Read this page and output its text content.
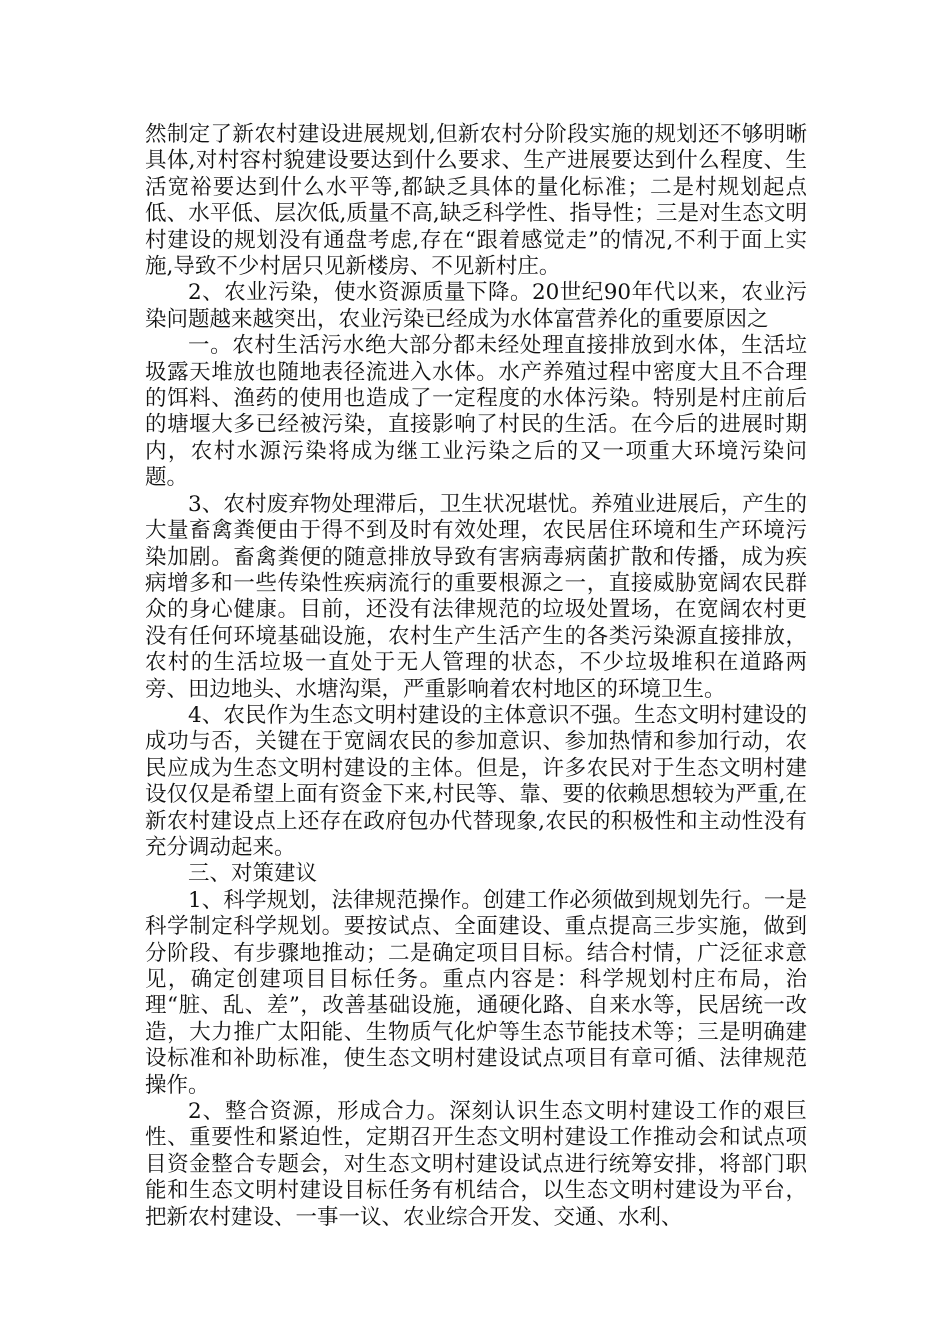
然制定了新农村建设进展规划,但新农村分阶段实施的规划还不够明晰具体,对村容村貌建设要达到什么要求、生产进展要达到什么程度、生活宽裕要达到什么水平等,都缺乏具体的量化标准；二是村规划起点低、水平低、层次低,质量不高,缺乏科学性、指导性；三是对生态文明村建设的规划没有通盘考虑,存在“跟着感觉走”的情况,不利于面上实施,导致不少村居只见新楼房、不见新村庄。

2、农业污染，使水资源质量下降。20世纪90年代以来，农业污染问题越来越突出，农业污染已经成为水体富营养化的重要原因之

一。农村生活污水绝大部分都未经处理直接排放到水体，生活垃圾露天堆放也随地表径流进入水体。水产养殖过程中密度大且不合理的饵料、渔药的使用也造成了一定程度的水体污染。特别是村庄前后的塘堰大多已经被污染，直接影响了村民的生活。在今后的进展时期内，农村水源污染将成为继工业污染之后的又一项重大环境污染问题。

3、农村废弃物处理滞后，卫生状况堪忧。养殖业进展后，产生的大量畜禽粪便由于得不到及时有效处理，农民居住环境和生产环境污染加剧。畜禽粪便的随意排放导致有害病毒病菌扩散和传播，成为疾病增多和一些传染性疾病流行的重要根源之一，直接威胁宽阔农民群众的身心健康。目前，还没有法律规范的垃圾处置场，在宽阔农村更没有任何环境基础设施，农村生产生活产生的各类污染源直接排放，农村的生活垃圾一直处于无人管理的状态，不少垃圾堆积在道路两旁、田边地头、水塘沟渠，严重影响着农村地区的环境卫生。

4、农民作为生态文明村建设的主体意识不强。生态文明村建设的成功与否，关键在于宽阔农民的参加意识、参加热情和参加行动，农民应成为生态文明村建设的主体。但是，许多农民对于生态文明村建设仅仅是希望上面有资金下来,村民等、靠、要的依赖思想较为严重,在新农村建设点上还存在政府包办代替现象,农民的积极性和主动性没有充分调动起来。

三、对策建议

1、科学规划，法律规范操作。创建工作必须做到规划先行。一是科学制定科学规划。要按试点、全面建设、重点提高三步实施，做到分阶段、有步骤地推动；二是确定项目目标。结合村情，广泛征求意见，确定创建项目目标任务。重点内容是：科学规划村庄布局，治理“脏、乱、差”，改善基础设施，通硬化路、自来水等，民居统一改造，大力推广太阳能、生物质气化炉等生态节能技术等；三是明确建设标准和补助标准，使生态文明村建设试点项目有章可循、法律规范操作。

2、整合资源，形成合力。深刻认识生态文明村建设工作的艰巨性、重要性和紧迫性，定期召开生态文明村建设工作推动会和试点项目资金整合专题会，对生态文明村建设试点进行统筹安排，将部门职能和生态文明村建设目标任务有机结合，以生态文明村建设为平台，把新农村建设、一事一议、农业综合开发、交通、水利、
